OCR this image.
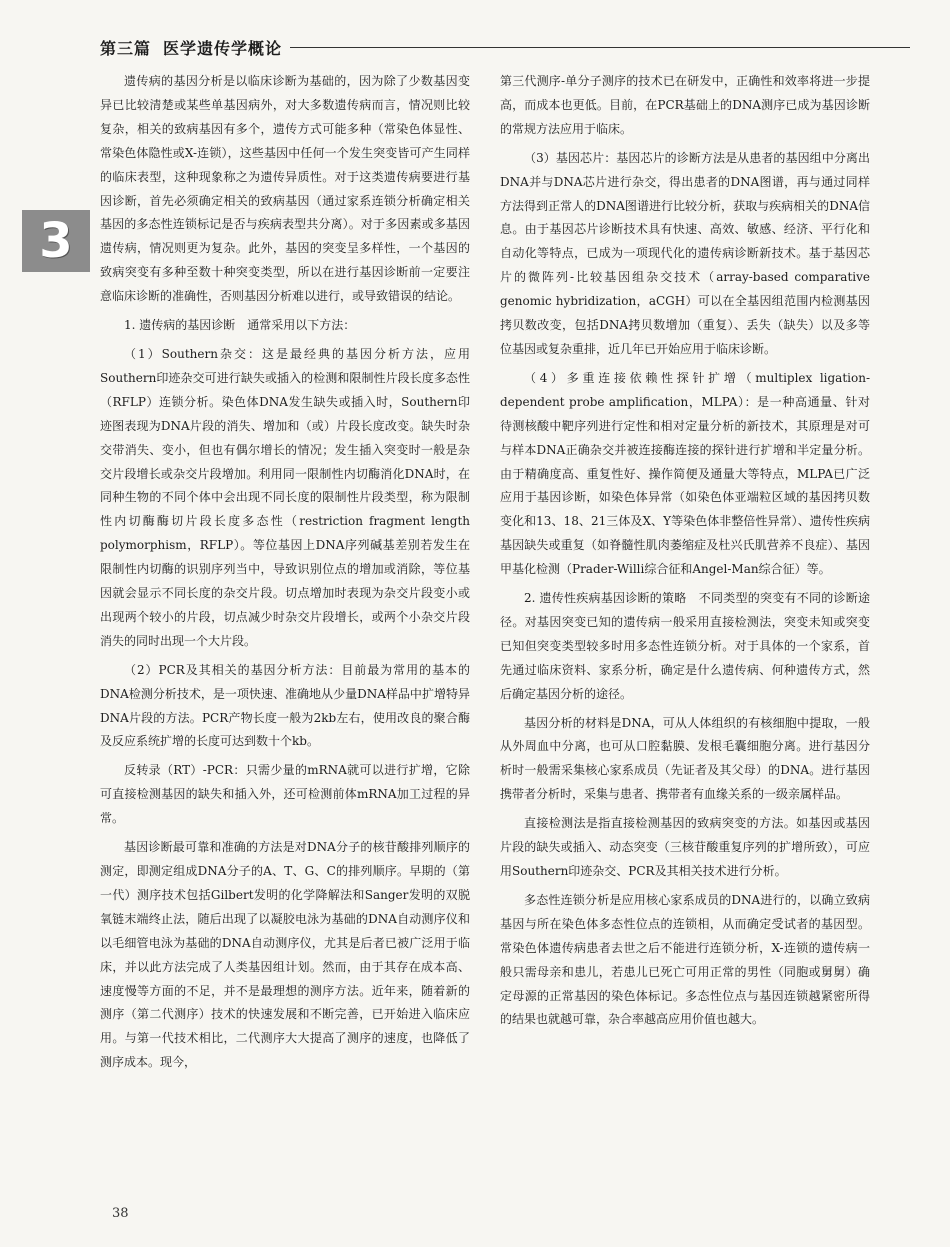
第三篇 医学遗传学概论
3

遗传病的基因分析是以临床诊断为基础的，因为除了少数基因变异已比较清楚或某些单基因病外，对大多数遗传病而言，情况则比较复杂，相关的致病基因有多个，遗传方式可能多种（常染色体显性、常染色体隐性或X-连锁），这些基因中任何一个发生突变皆可产生同样的临床表型，这种现象称之为遗传异质性。对于这类遗传病要进行基因诊断，首先必须确定相关的致病基因（通过家系连锁分析确定相关基因的多态性连锁标记是否与疾病表型共分离）。对于多因素或多基因遗传病，情况则更为复杂。此外，基因的突变呈多样性，一个基因的致病突变有多种至数十种突变类型，所以在进行基因诊断前一定要注意临床诊断的准确性，否则基因分析难以进行，或导致错误的结论。

1. 遗传病的基因诊断　通常采用以下方法：

（1）Southern杂交：这是最经典的基因分析方法，应用Southern印迹杂交可进行缺失或插入的检测和限制性片段长度多态性（RFLP）连锁分析。染色体DNA发生缺失或插入时，Southern印迹图表现为DNA片段的消失、增加和（或）片段长度改变。缺失时杂交带消失、变小，但也有偶尔增长的情况；发生插入突变时一般是杂交片段增长或杂交片段增加。利用同一限制性内切酶消化DNA时，在同种生物的不同个体中会出现不同长度的限制性片段类型，称为限制性内切酶酶切片段长度多态性（restriction fragment length polymorphism，RFLP）。等位基因上DNA序列碱基差别若发生在限制性内切酶的识别序列当中，导致识别位点的增加或消除，等位基因就会显示不同长度的杂交片段。切点增加时表现为杂交片段变小或出现两个较小的片段，切点减少时杂交片段增长，或两个小杂交片段消失的同时出现一个大片段。

（2）PCR及其相关的基因分析方法：目前最为常用的基本的DNA检测分析技术，是一项快速、准确地从少量DNA样品中扩增特异DNA片段的方法。PCR产物长度一般为2kb左右，使用改良的聚合酶及反应系统扩增的长度可达到数十个kb。

反转录（RT）-PCR：只需少量的mRNA就可以进行扩增，它除可直接检测基因的缺失和插入外，还可检测前体mRNA加工过程的异常。

基因诊断最可靠和准确的方法是对DNA分子的核苷酸排列顺序的测定，即测定组成DNA分子的A、T、G、C的排列顺序。早期的（第一代）测序技术包括Gilbert发明的化学降解法和Sanger发明的双脱氧链末端终止法，随后出现了以凝胶电泳为基础的DNA自动测序仪和以毛细管电泳为基础的DNA自动测序仪，尤其是后者已被广泛用于临床，并以此方法完成了人类基因组计划。然而，由于其存在成本高、速度慢等方面的不足，并不是最理想的测序方法。近年来，随着新的测序（第二代测序）技术的快速发展和不断完善，已开始进入临床应用。与第一代技术相比，二代测序大大提高了测序的速度，也降低了测序成本。现今，

第三代测序-单分子测序的技术已在研发中，正确性和效率将进一步提高，而成本也更低。目前，在PCR基础上的DNA测序已成为基因诊断的常规方法应用于临床。

（3）基因芯片：基因芯片的诊断方法是从患者的基因组中分离出DNA并与DNA芯片进行杂交，得出患者的DNA图谱，再与通过同样方法得到正常人的DNA图谱进行比较分析，获取与疾病相关的DNA信息。由于基因芯片诊断技术具有快速、高效、敏感、经济、平行化和自动化等特点，已成为一项现代化的遗传病诊断新技术。基于基因芯片的微阵列-比较基因组杂交技术（array-based comparative genomic hybridization，aCGH）可以在全基因组范围内检测基因拷贝数改变，包括DNA拷贝数增加（重复）、丢失（缺失）以及多等位基因或复杂重排，近几年已开始应用于临床诊断。

（4）多重连接依赖性探针扩增（multiplex ligation-dependent probe amplification，MLPA）：是一种高通量、针对待测核酸中靶序列进行定性和相对定量分析的新技术，其原理是对可与样本DNA正确杂交并被连接酶连接的探针进行扩增和半定量分析。由于精确度高、重复性好、操作简便及通量大等特点，MLPA已广泛应用于基因诊断，如染色体异常（如染色体亚端粒区域的基因拷贝数变化和13、18、21三体及X、Y等染色体非整倍性异常）、遗传性疾病基因缺失或重复（如脊髓性肌肉萎缩症及杜兴氏肌营养不良症）、基因甲基化检测（Prader-Willi综合征和Angel-Man综合征）等。

2. 遗传性疾病基因诊断的策略　不同类型的突变有不同的诊断途径。对基因突变已知的遗传病一般采用直接检测法，突变未知或突变已知但突变类型较多时用多态性连锁分析。对于具体的一个家系，首先通过临床资料、家系分析，确定是什么遗传病、何种遗传方式，然后确定基因分析的途径。

基因分析的材料是DNA，可从人体组织的有核细胞中提取，一般从外周血中分离，也可从口腔黏膜、发根毛囊细胞分离。进行基因分析时一般需采集核心家系成员（先证者及其父母）的DNA。进行基因携带者分析时，采集与患者、携带者有血缘关系的一级亲属样品。

直接检测法是指直接检测基因的致病突变的方法。如基因或基因片段的缺失或插入、动态突变（三核苷酸重复序列的扩增所致），可应用Southern印迹杂交、PCR及其相关技术进行分析。

多态性连锁分析是应用核心家系成员的DNA进行的，以确立致病基因与所在染色体多态性位点的连锁相，从而确定受试者的基因型。常染色体遗传病患者去世之后不能进行连锁分析，X-连锁的遗传病一般只需母亲和患儿，若患儿已死亡可用正常的男性（同胞或舅舅）确定母源的正常基因的染色体标记。多态性位点与基因连锁越紧密所得的结果也就越可靠，杂合率越高应用价值也越大。

38
